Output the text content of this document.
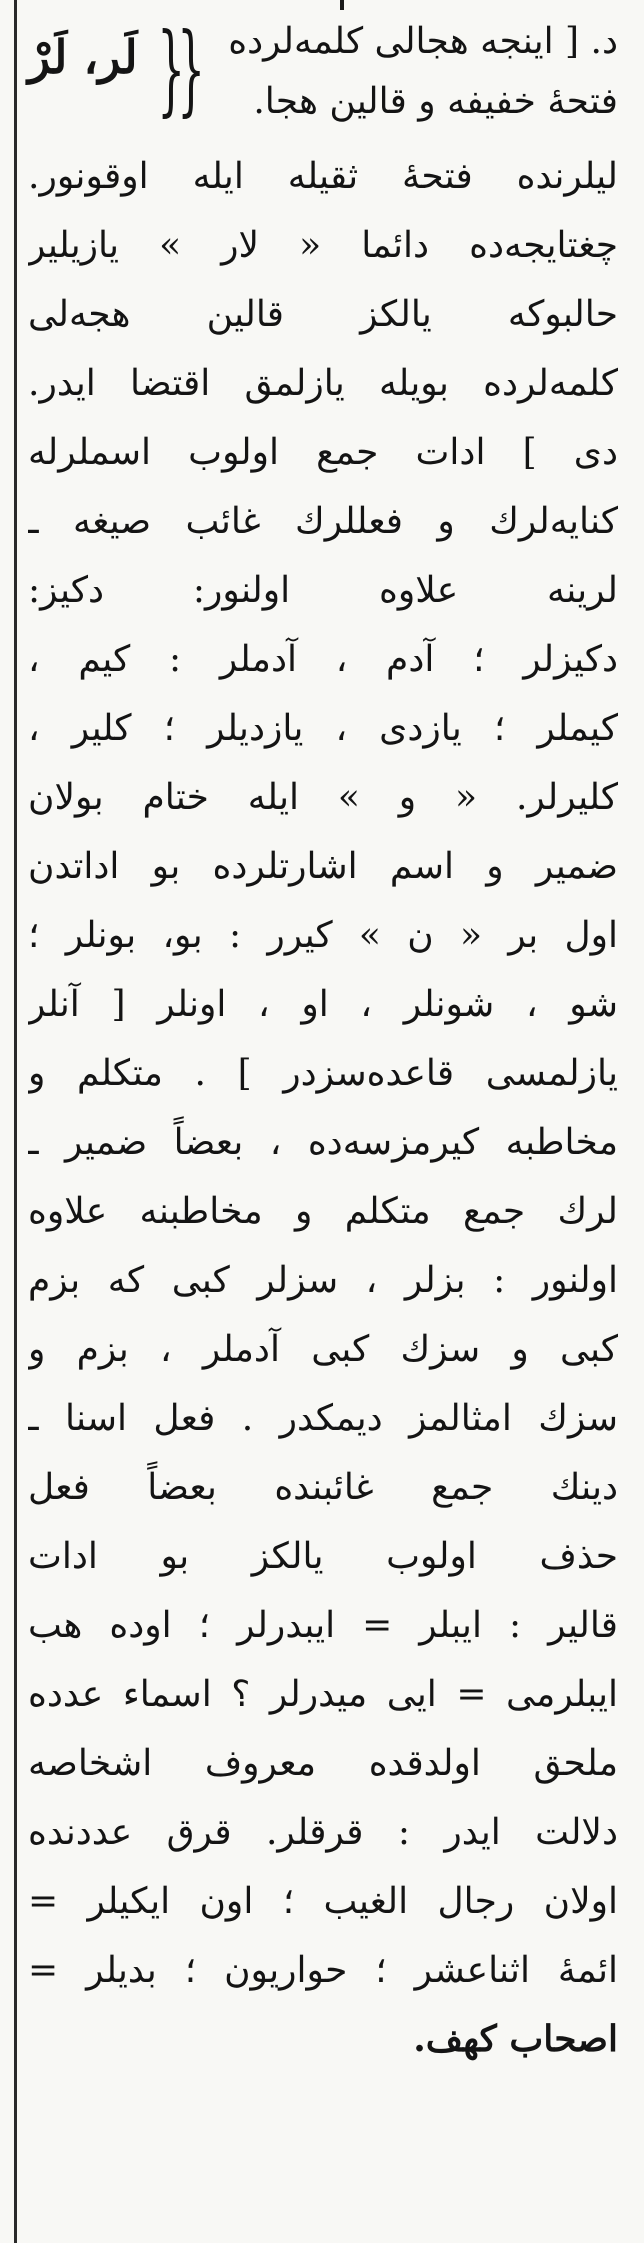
لَر، لَرْ {
{ د. [ اينجه هجالى كلمه‌لرده
فتحهٔ خفيفه و قالين هجا.
ليلرنده فتحهٔ ثقيله ايله اوقونور.
چغتايجه‌ده دائما « لار » يازيلير
حالبوكه يالكز قالين هجه‌لى
كلمه‌لرده بويله يازلمق اقتضا ايدر.
دى ] ادات جمع اولوب اسملرله
كنايه‌لرك و فعللرك غائب صيغه ـ
لرينه علاوه اولنور: دكيز:
دكيزلر ؛ آدم ، آدملر : كيم ،
كيملر ؛ يازدى ، يازديلر ؛ كلير ،
كليرلر. « و » ايله ختام بولان
ضمير و اسم اشارتلرده بو اداتدن
اول بر « ن » كيرر : بو، بونلر ؛
شو ، شونلر ، او ، اونلر [ آنلر
يازلمسى قاعده‌سزدر ] . متكلم و
مخاطبه كيرمزسه‌ده ، بعضاً ضمير ـ
لرك جمع متكلم و مخاطبنه علاوه
اولنور : بزلر ، سزلر كبى كه بزم
كبى و سزك كبى آدملر ، بزم و
سزك امثالمز ديمكدر . فعل اسنا ـ
دينك جمع غائبنده بعضاً فعل
حذف اولوب يالكز بو ادات
قالير : ايبلر = ايبدرلر ؛ اوده هب
ايبلرمى = ايى ميدرلر ؟ اسماء عدده
ملحق اولدقده معروف اشخاصه
دلالت ايدر : قرقلر. قرق عددنده
اولان رجال الغيب ؛ اون ايكيلر =
ائمهٔ اثناعشر ؛ حواريون ؛ بديلر =
اصحاب كهف.
